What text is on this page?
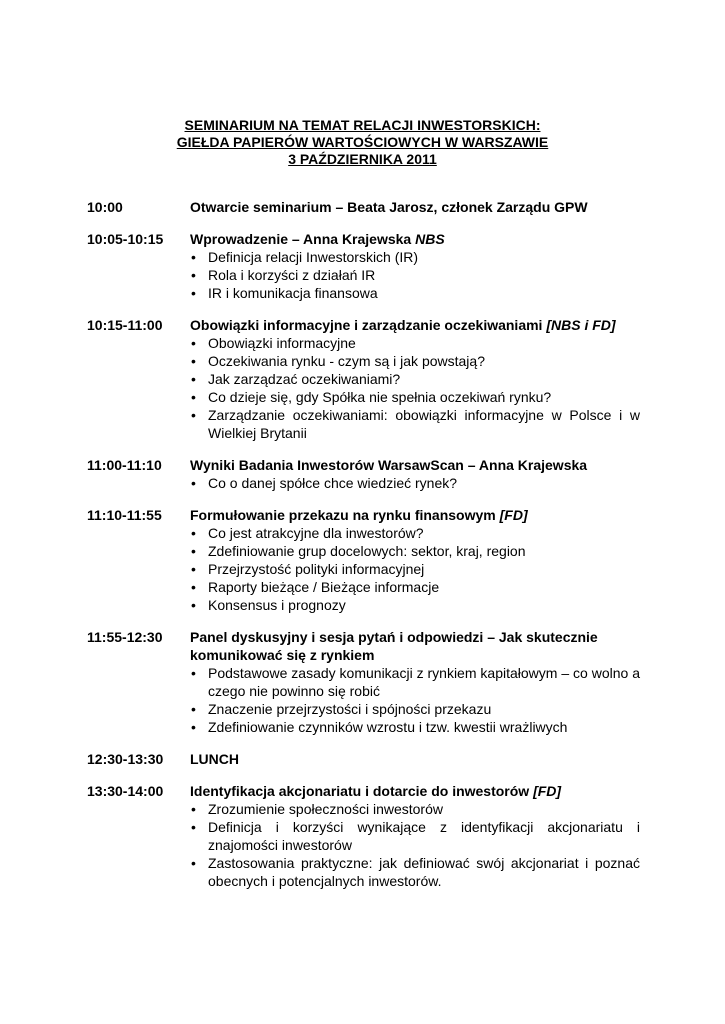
SEMINARIUM NA TEMAT RELACJI INWESTORSKICH:
GIEŁDA PAPIERÓW WARTOŚCIOWYCH W WARSZAWIE
3 PAŹDZIERNIKA 2011
10:00	Otwarcie seminarium – Beata Jarosz, członek Zarządu GPW
10:05-10:15	Wprowadzenie – Anna Krajewska NBS
• Definicja relacji Inwestorskich (IR)
• Rola i korzyści z działań IR
• IR i komunikacja finansowa
10:15-11:00	Obowiązki informacyjne i zarządzanie oczekiwaniami [NBS i FD]
• Obowiązki informacyjne
• Oczekiwania rynku - czym są i jak powstają?
• Jak zarządzać oczekiwaniami?
• Co dzieje się, gdy Spółka nie spełnia oczekiwań rynku?
• Zarządzanie oczekiwaniami: obowiązki informacyjne w Polsce i w Wielkiej Brytanii
11:00-11:10	Wyniki Badania Inwestorów WarsawScan – Anna Krajewska
• Co o danej spółce chce wiedzieć rynek?
11:10-11:55	Formułowanie przekazu na rynku finansowym [FD]
• Co jest atrakcyjne dla inwestorów?
• Zdefiniowanie grup docelowych: sektor, kraj, region
• Przejrzystość polityki informacyjnej
• Raporty bieżące / Bieżące informacje
• Konsensus i prognozy
11:55-12:30	Panel dyskusyjny i sesja pytań i odpowiedzi – Jak skutecznie komunikować się z rynkiem
• Podstawowe zasady komunikacji z rynkiem kapitałowym – co wolno a czego nie powinno się robić
• Znaczenie przejrzystości i spójności przekazu
• Zdefiniowanie czynników wzrostu i tzw. kwestii wrażliwych
12:30-13:30	LUNCH
13:30-14:00	Identyfikacja akcjonariatu i dotarcie do inwestorów [FD]
• Zrozumienie społeczności inwestorów
• Definicja i korzyści wynikające z identyfikacji akcjonariatu i znajomości inwestorów
• Zastosowania praktyczne: jak definiować swój akcjonariat i poznać obecnych i potencjalnych inwestorów.
